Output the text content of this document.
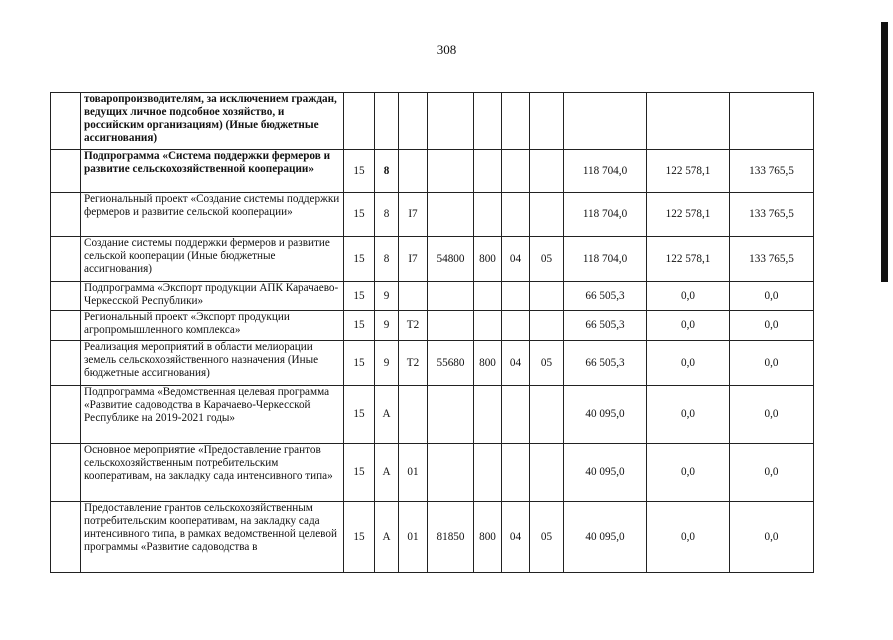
308
	товаропроизводителям, за исключением граждан, ведущих личное подсобное хозяйство, и российским организациям) (Иные бюджетные ассигнования)										
	Подпрограмма «Система поддержки фермеров и развитие сельскохозяйственной кооперации»	15	8						118 704,0	122 578,1	133 765,5
	Региональный проект «Создание системы поддержки фермеров и развитие сельской кооперации»	15	8	I7					118 704,0	122 578,1	133 765,5
	Создание системы поддержки фермеров и развитие сельской кооперации (Иные бюджетные ассигнования)	15	8	I7	54800	800	04	05	118 704,0	122 578,1	133 765,5
	Подпрограмма «Экспорт продукции АПК Карачаево-Черкесской Республики»	15	9						66 505,3	0,0	0,0
	Региональный проект «Экспорт продукции агропромышленного комплекса»	15	9	T2					66 505,3	0,0	0,0
	Реализация мероприятий в области мелиорации земель сельскохозяйственного назначения (Иные бюджетные ассигнования)	15	9	T2	55680	800	04	05	66 505,3	0,0	0,0
	Подпрограмма «Ведомственная целевая программа «Развитие садоводства в Карачаево-Черкесской Республике на 2019-2021 годы»	15	А						40 095,0	0,0	0,0
	Основное мероприятие «Предоставление грантов сельскохозяйственным потребительским кооперативам, на закладку сада интенсивного типа»	15	А	01					40 095,0	0,0	0,0
	Предоставление грантов сельскохозяйственным потребительским кооперативам, на закладку сада интенсивного типа, в рамках ведомственной целевой программы «Развитие садоводства в	15	А	01	81850	800	04	05	40 095,0	0,0	0,0
